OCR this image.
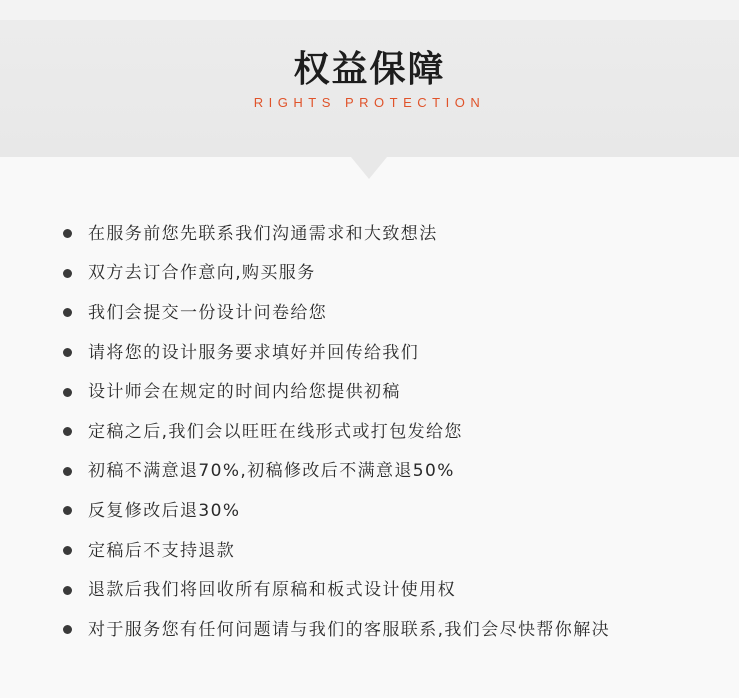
权益保障
RIGHTS PROTECTION
在服务前您先联系我们沟通需求和大致想法
双方去订合作意向,购买服务
我们会提交一份设计问卷给您
请将您的设计服务要求填好并回传给我们
设计师会在规定的时间内给您提供初稿
定稿之后,我们会以旺旺在线形式或打包发给您
初稿不满意退70%,初稿修改后不满意退50%
反复修改后退30%
定稿后不支持退款
退款后我们将回收所有原稿和板式设计使用权
对于服务您有任何问题请与我们的客服联系,我们会尽快帮你解决
